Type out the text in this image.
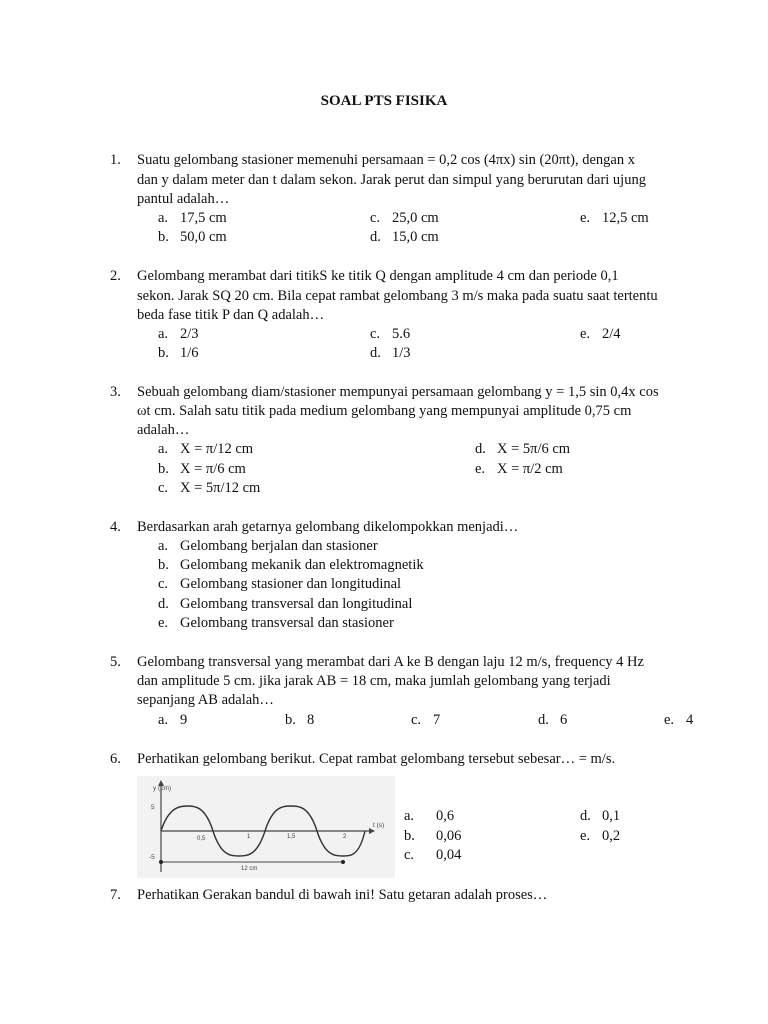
SOAL PTS FISIKA
1. Suatu gelombang stasioner memenuhi persamaan = 0,2 cos (4πx) sin (20πt), dengan x
dan y dalam meter dan t dalam sekon. Jarak perut dan simpul yang berurutan dari ujung
pantul adalah…
a. 17,5 cm
b. 50,0 cm
c. 25,0 cm
d. 15,0 cm
e. 12,5 cm
2. Gelombang merambat dari titikS ke titik Q dengan amplitude 4 cm dan periode 0,1
sekon. Jarak SQ 20 cm. Bila cepat rambat gelombang 3 m/s maka pada suatu saat tertentu
beda fase titik P dan Q adalah…
a. 2/3
b. 1/6
c. 5.6
d. 1/3
e. 2/4
3. Sebuah gelombang diam/stasioner mempunyai persamaan gelombang y = 1,5 sin 0,4x cos
ωt cm. Salah satu titik pada medium gelombang yang mempunyai amplitude 0,75 cm
adalah…
a. X = π/12 cm
b. X = π/6 cm
c. X = 5π/12 cm
d. X = 5π/6 cm
e. X = π/2 cm
4. Berdasarkan arah getarnya gelombang dikelompokkan menjadi…
a. Gelombang berjalan dan stasioner
b. Gelombang mekanik dan elektromagnetik
c. Gelombang stasioner dan longitudinal
d. Gelombang transversal dan longitudinal
e. Gelombang transversal dan stasioner
5. Gelombang transversal yang merambat dari A ke B dengan laju 12 m/s, frequency 4 Hz
dan amplitude 5 cm. jika jarak AB = 18 cm, maka jumlah gelombang yang terjadi
sepanjang AB adalah…
a. 9	b. 8	c. 7	d. 6	e. 4
6. Perhatikan gelombang berikut. Cepat rambat gelombang tersebut sebesar… = m/s.
y (cm)
t (s)
5
-5
0,5	1	1,5	2
12 cm
a.	0,6
b.	0,06
c.	0,04
d. 0,1
e. 0,2
7. Perhatikan Gerakan bandul di bawah ini! Satu getaran adalah proses…
